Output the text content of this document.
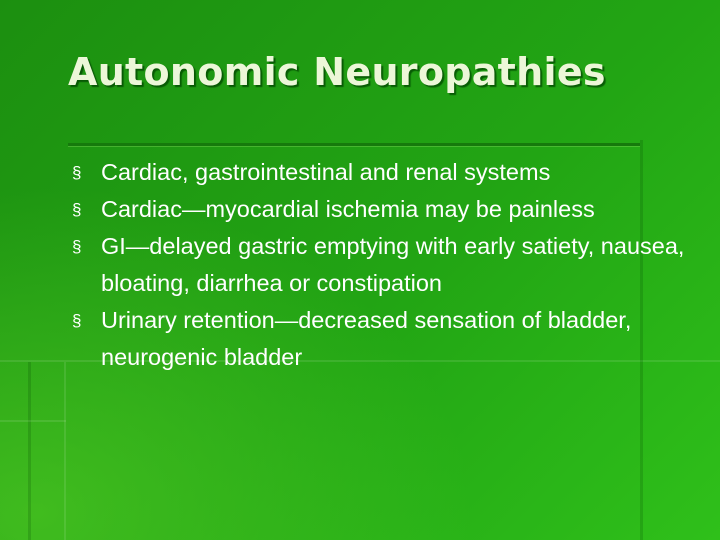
Autonomic Neuropathies
§ Cardiac, gastrointestinal and renal systems
§ Cardiac—myocardial ischemia may be painless
§ GI—delayed gastric emptying with early satiety, nausea, bloating, diarrhea or constipation
§ Urinary retention—decreased sensation of bladder, neurogenic bladder
